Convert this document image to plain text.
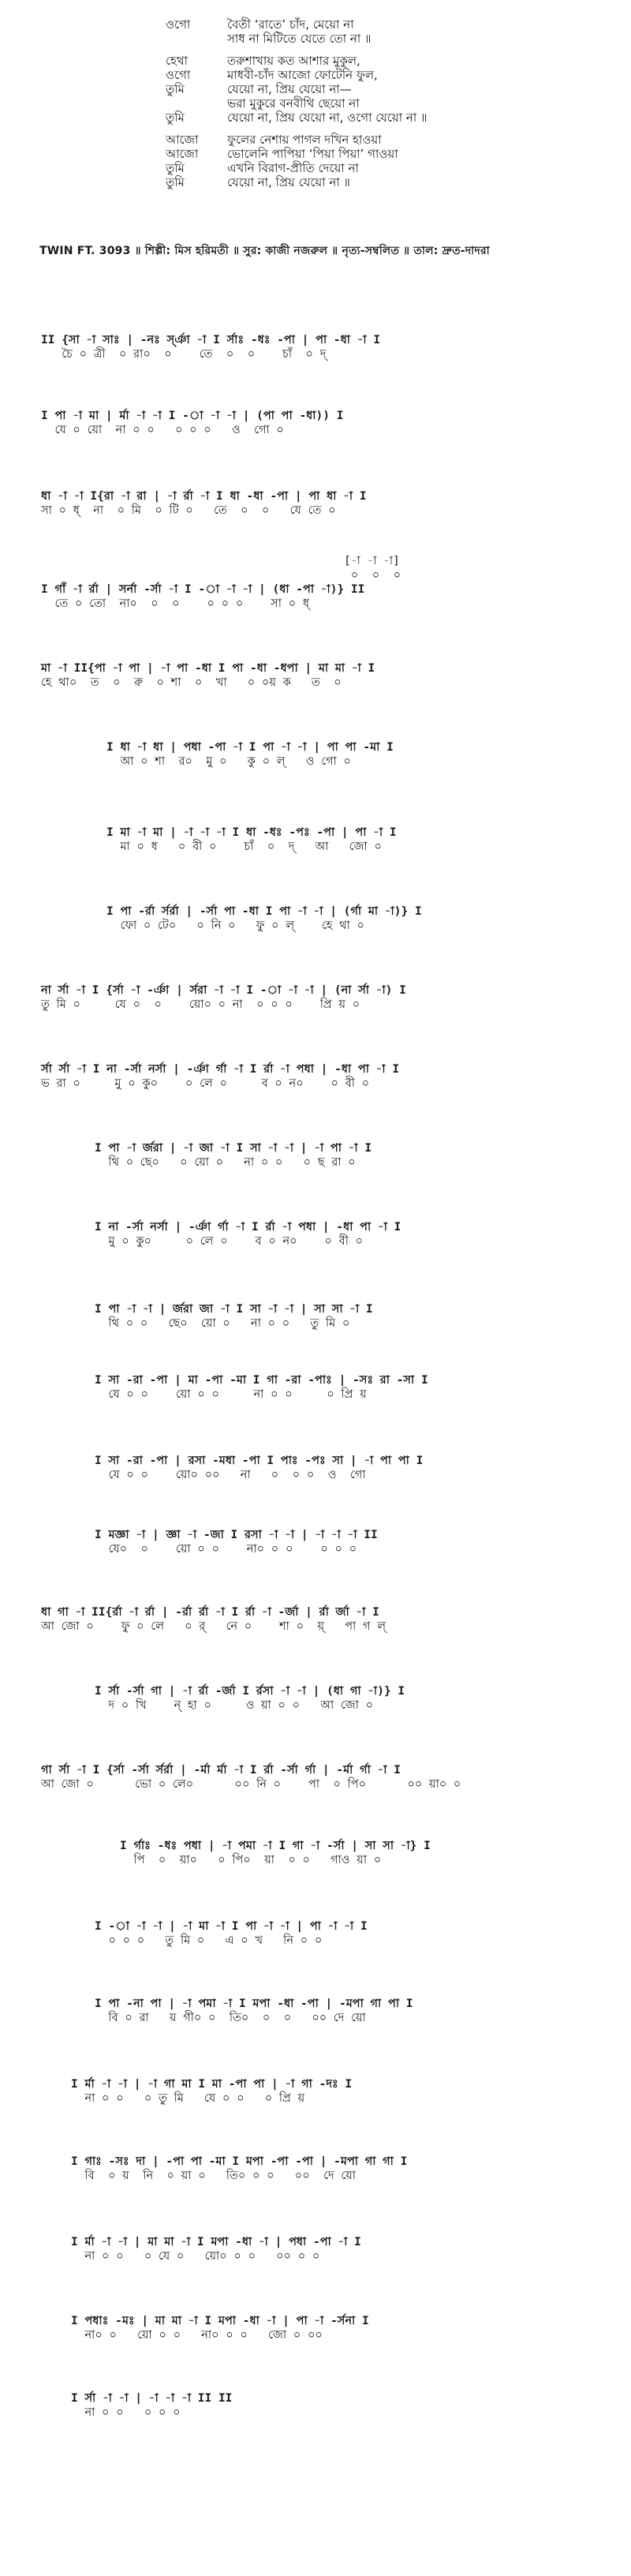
ওগো	বৈতী ‘রাতে’ চাঁদ, মেয়ো না
সাধ না মিটিতে যেতে তো না ॥
হেথা	তরুশাখায় কত আশার মুকুল,
ওগো	মাধবী-চাঁদ আজো ফোটেনি ফুল,
তুমি	যেয়ো না, প্রিয় যেয়ো না—
ভরা মুকুরে বনবীথি ছেয়ো না
তুমি	যেয়ো না, প্রিয় যেয়ো না, ওগো যেয়ো না ॥
আজো ফুলের নেশায় পাগল দখিন হাওয়া
আজো ভোলেনি পাপিয়া ‘পিয়া পিয়া’ গাওয়া
তুমি	এখনি বিরাগ-প্রীতি দেয়ো না
তুমি	যেয়ো না, প্রিয় যেয়ো না ॥
TWIN FT. 3093 ॥ শিল্পী: মিস হরিমতী ॥ সুর: কাজী নজরুল ॥ নৃত্য-সম্বলিত ॥ তাল: দ্রুত-দাদরা
II {সা -া সাঃ | -নঃ র্স্ঞা -া I র্সাঃ -ধঃ -পা | পা -ধা -া I
চৈ ০ ত্ৰী  ০ রা০  ০    তে  ০  ০    চাঁ  ০ দ্
I পা -া মা | র্মা -া -া I -া -া -া | (পা পা -ধা)) I
যে ০ য়ো  না ০ ০   ০ ০ ০   ও  গো ০
ধা -া -া I{রা -া রা | -া র্রা -া I ধা -ধা -পা | পা ধা -া I
সা ০ ধ্  না  ০ মি  ০ টি ০   তে  ০  ০   যে তে ০
[-া -া -া]
০  ০  ০
I গাঁ -া র্রা | সর্না -র্সা -া I -া -া -া | (ধা -পা -া)} II
তে ০ তো  না০  ০  ০    ০ ০ ০    সা ০ ধ্
মা -া II{পা -া পা | -া পা -ধা I পা -ধা -ধপা | মা মা -া I
হে থা০  ত  ০  রু  ০ শা  ০  খা   ০ ০য় ক   ত  ০
I ধা -া ধা | পধা -পা -া I পা -া -া | পা পা -মা I
আ ০ শা  র০  মু ০   কু ০ ল্   ও গো ০
I মা -া মা | -া -া -া I ধা -ধঃ -পঃ -পা | পা -া I
মা ০ ধ   ০ বী ০    চাঁ  ০  দ্   আ   জো ০
I পা -র্রা র্সর্রা | -র্সা পা -ধা I পা -া -া | (র্গা মা -া)} I
ফো ০ টে০   ০ নি ০   ফু ০ ল্    হে থা ০
না র্সা -া I {র্সা -া -র্ঞা | র্সরা -া -া I -া -া -া | (না র্সা -া) I
তু মি ০     যে ০  ০    য়ো০ ০ না  ০ ০ ০    প্রি য় ০
র্সা র্সা -া I না -র্সা নর্সা | -র্ঞা র্গা -া I র্রা -া পধা | -ধা পা -া I
ভ রা ০     মু ০ কু০    ০ লে ০     ব ০ ন০    ০ বী ০
I পা -া র্জরা | -া জা -া I সা -া -া | -া পা -া I
থি ০ ছে০   ০ য়ো ০   না ০ ০   ০ ছ রা ০
I না -র্সা নর্সা | -র্ঞা র্গা -া I র্রা -া পধা | -ধা পা -া I
মু ০ কু০     ০ লে ০    ব ০ ন০    ০ বী ০
I পা -া -া | র্জরা জা -া I সা -া -া | সা সা -া I
থি ০ ০   ছে০  য়ো ০   না ০ ০   তু মি ০
I সা -রা -পা | মা -পা -মা I গা -রা -পাঃ | -সঃ রা -সা I
যে ০ ০    য়ো ০ ০     না ০ ০     ০ প্রি য়
I সা -রা -পা | রসা -মধা -পা I পাঃ -পঃ সা | -া পা পা I
যে ০ ০    য়ো০ ০০   না   ০  ০ ০  ও  গো
I মজ্ঞা -া | জ্ঞা -া -জা I রসা -া -া | -া -া -া II
যে০  ০    য়ো ০ ০    না০ ০ ০    ০ ০ ০
ধা গা -া II{র্রা -া র্রা | -র্রা র্রা -া I র্রা -া -র্জা | র্রা র্জা -া I
আ জো ০    ফু ০ লে   ০ র্   নে ০    শা ০  য়্   পা গ ল্
I র্সা -র্সা গা | -া র্রা -র্জা I র্রসা -া -া | (ধা গা -া)} I
দ ০ খি    ন্ হা ০     ও য়া ০ ০   আ জো ০
গা র্সা -া I {র্সা -র্সা র্সর্রা | -র্মা র্মা -া I র্রা -র্সা র্গা | -র্মা র্গা -া I
আ জো ০      ভো ০ লে০      ০০ নি ০    পা  ০ পি০      ০০ য়া০ ০
I র্গাঃ -ধঃ পধা | -া পমা -া I গা -া -র্সা | সা সা -া} I
পি  ০  য়া০   ০ পি০  য়া  ০ ০   গাও য়া ০
I -া -া -া | -া মা -া I পা -া -া | পা -া -া I
০ ০ ০   তু মি ০   এ ০ খ   নি ০ ০
I পা -না পা | -া পমা -া I মপা -ধা -পা | -মপা গা পা I
বি ০ রা   য় গী০ ০  তি০  ০  ০   ০০ দে য়ো
I র্মা -া -া | -া গা মা I মা -পা পা | -া গা -দঃ I
না ০ ০   ০ তু মি   যে ০ ০   ০ প্রি য়
I গাঃ -সঃ দা | -পা পা -মা I মপা -পা -পা | -মপা গা গা I
বি  ০ য়  নি  ০ য়া ০   তি০ ০ ০   ০০  দে য়ো
I র্মা -া -া | মা মা -া I মপা -ধা -া | পধা -পা -া I
না ০ ০   ০ যে ০   য়ো০ ০ ০   ০০ ০ ০
I পধাঃ -মঃ | মা মা -া I মপা -ধা -া | পা -া -র্সনা I
না০ ০   য়ো ০ ০   না০ ০ ০   জো ০ ০০
I র্সা -া -া | -া -া -া II II
না ০ ০   ০ ০ ০
